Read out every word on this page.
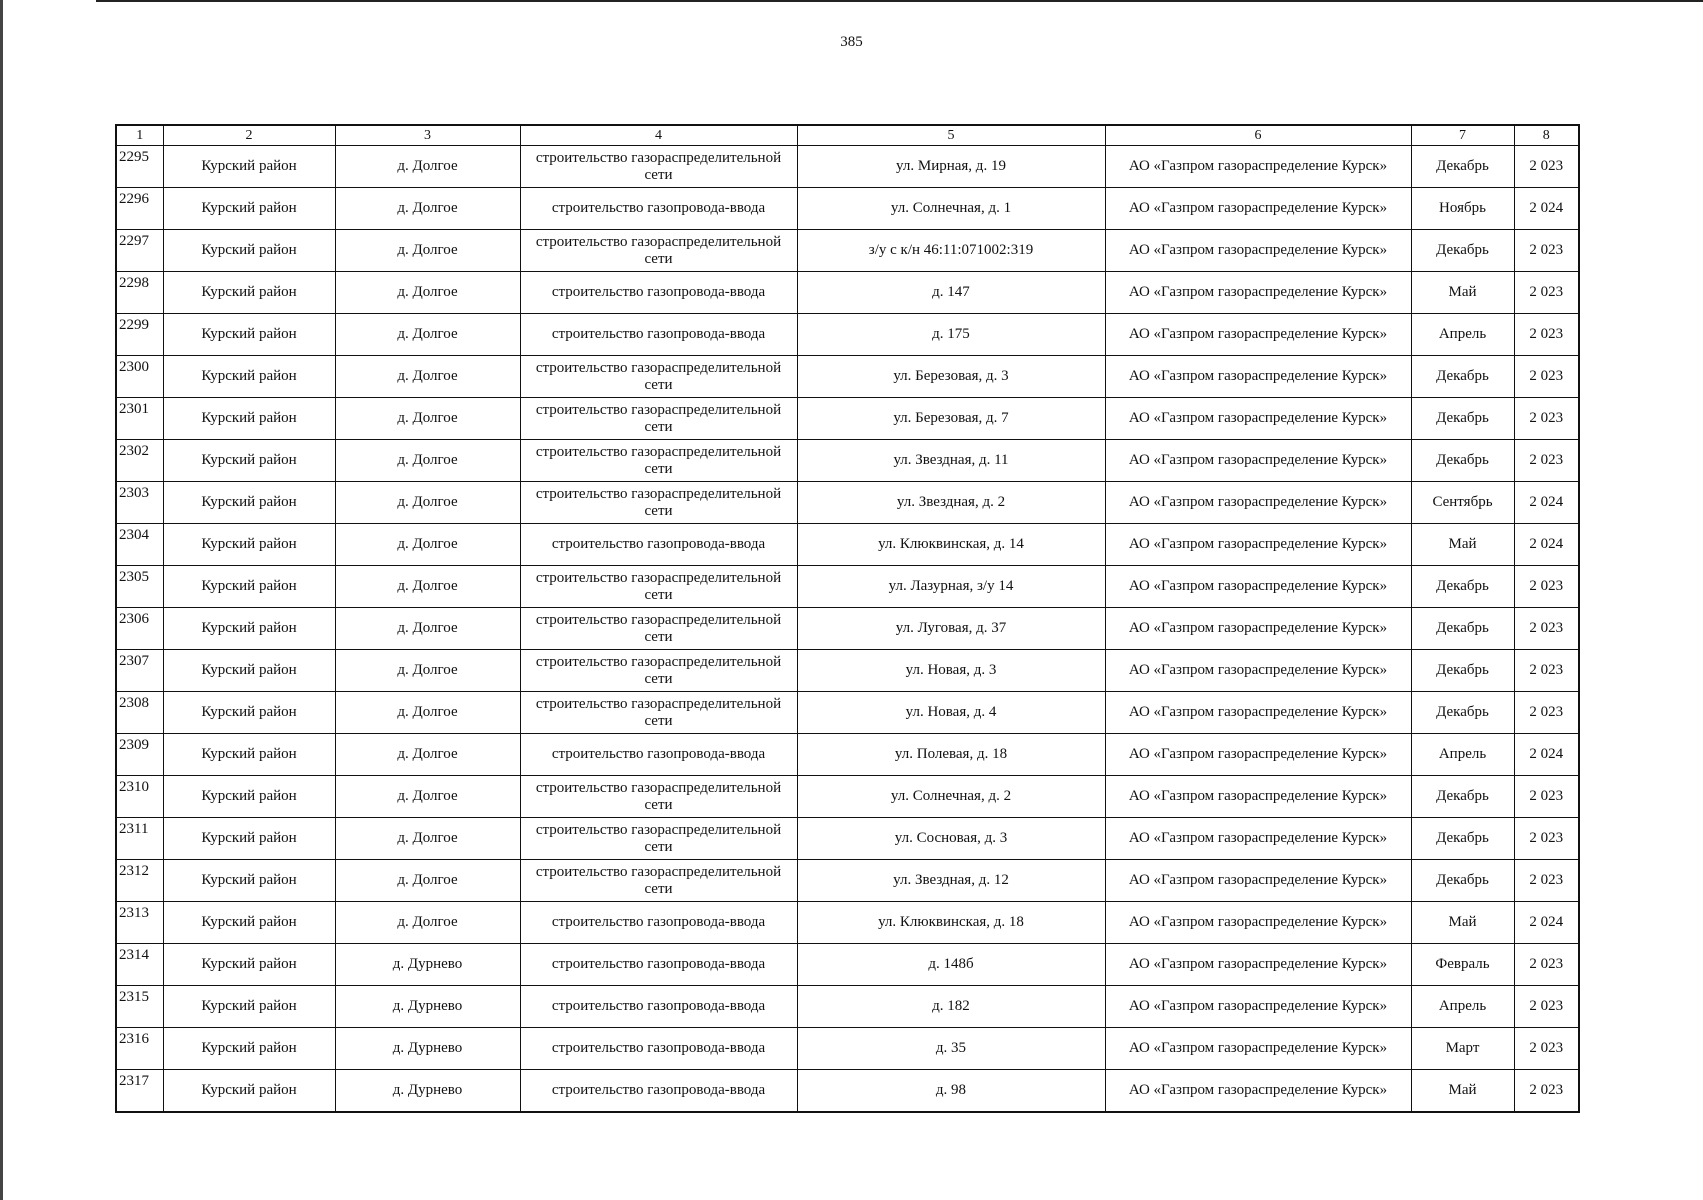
385
1	2	3	4	5	6	7	8
2295	Курский район	д. Долгое	строительство газораспределительной сети	ул. Мирная, д. 19	АО «Газпром газораспределение Курск»	Декабрь	2 023
2296	Курский район	д. Долгое	строительство газопровода-ввода	ул. Солнечная, д. 1	АО «Газпром газораспределение Курск»	Ноябрь	2 024
2297	Курский район	д. Долгое	строительство газораспределительной сети	з/у с к/н 46:11:071002:319	АО «Газпром газораспределение Курск»	Декабрь	2 023
2298	Курский район	д. Долгое	строительство газопровода-ввода	д. 147	АО «Газпром газораспределение Курск»	Май	2 023
2299	Курский район	д. Долгое	строительство газопровода-ввода	д. 175	АО «Газпром газораспределение Курск»	Апрель	2 023
2300	Курский район	д. Долгое	строительство газораспределительной сети	ул. Березовая, д. 3	АО «Газпром газораспределение Курск»	Декабрь	2 023
2301	Курский район	д. Долгое	строительство газораспределительной сети	ул. Березовая, д. 7	АО «Газпром газораспределение Курск»	Декабрь	2 023
2302	Курский район	д. Долгое	строительство газораспределительной сети	ул. Звездная, д. 11	АО «Газпром газораспределение Курск»	Декабрь	2 023
2303	Курский район	д. Долгое	строительство газораспределительной сети	ул. Звездная, д. 2	АО «Газпром газораспределение Курск»	Сентябрь	2 024
2304	Курский район	д. Долгое	строительство газопровода-ввода	ул. Клюквинская, д. 14	АО «Газпром газораспределение Курск»	Май	2 024
2305	Курский район	д. Долгое	строительство газораспределительной сети	ул. Лазурная, з/у 14	АО «Газпром газораспределение Курск»	Декабрь	2 023
2306	Курский район	д. Долгое	строительство газораспределительной сети	ул. Луговая, д. 37	АО «Газпром газораспределение Курск»	Декабрь	2 023
2307	Курский район	д. Долгое	строительство газораспределительной сети	ул. Новая, д. 3	АО «Газпром газораспределение Курск»	Декабрь	2 023
2308	Курский район	д. Долгое	строительство газораспределительной сети	ул. Новая, д. 4	АО «Газпром газораспределение Курск»	Декабрь	2 023
2309	Курский район	д. Долгое	строительство газопровода-ввода	ул. Полевая, д. 18	АО «Газпром газораспределение Курск»	Апрель	2 024
2310	Курский район	д. Долгое	строительство газораспределительной сети	ул. Солнечная, д. 2	АО «Газпром газораспределение Курск»	Декабрь	2 023
2311	Курский район	д. Долгое	строительство газораспределительной сети	ул. Сосновая, д. 3	АО «Газпром газораспределение Курск»	Декабрь	2 023
2312	Курский район	д. Долгое	строительство газораспределительной сети	ул. Звездная, д. 12	АО «Газпром газораспределение Курск»	Декабрь	2 023
2313	Курский район	д. Долгое	строительство газопровода-ввода	ул. Клюквинская, д. 18	АО «Газпром газораспределение Курск»	Май	2 024
2314	Курский район	д. Дурнево	строительство газопровода-ввода	д. 148б	АО «Газпром газораспределение Курск»	Февраль	2 023
2315	Курский район	д. Дурнево	строительство газопровода-ввода	д. 182	АО «Газпром газораспределение Курск»	Апрель	2 023
2316	Курский район	д. Дурнево	строительство газопровода-ввода	д. 35	АО «Газпром газораспределение Курск»	Март	2 023
2317	Курский район	д. Дурнево	строительство газопровода-ввода	д. 98	АО «Газпром газораспределение Курск»	Май	2 023
